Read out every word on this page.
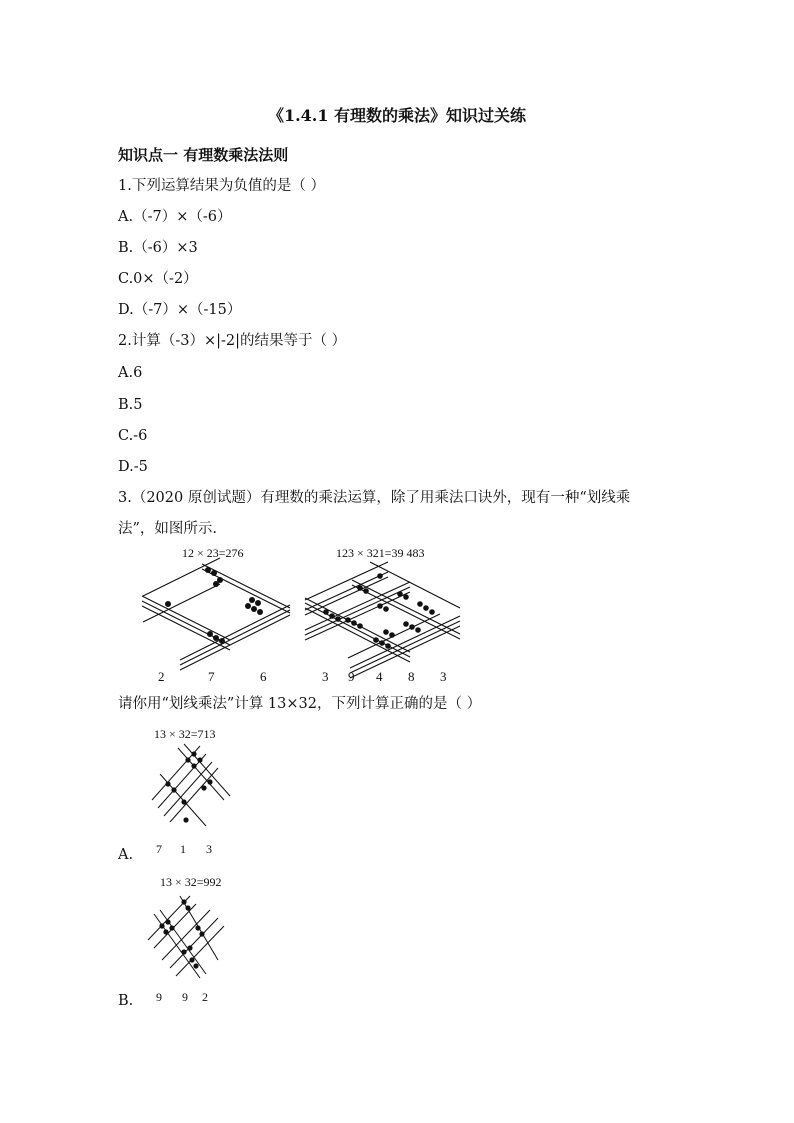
《1.4.1 有理数的乘法》知识过关练
知识点一 有理数乘法法则
1.下列运算结果为负值的是（ ）
A.（-7）×（-6）
B.（-6）×3
C.0×（-2）
D.（-7）×（-15）
2.计算（-3）×|-2|的结果等于（ ）
A.6
B.5
C.-6
D.-5
3.（2020 原创试题）有理数的乘法运算，除了用乘法口诀外，现有一种“划线乘
法”，如图所示.
12 × 23=276
2	7	6
123 × 321=39 483
3 9 4 8 3
请你用“划线乘法”计算 13×32，下列计算正确的是（ ）
A.
13 × 32=713
7 1 3
B.
13 × 32=992
9 9 2
